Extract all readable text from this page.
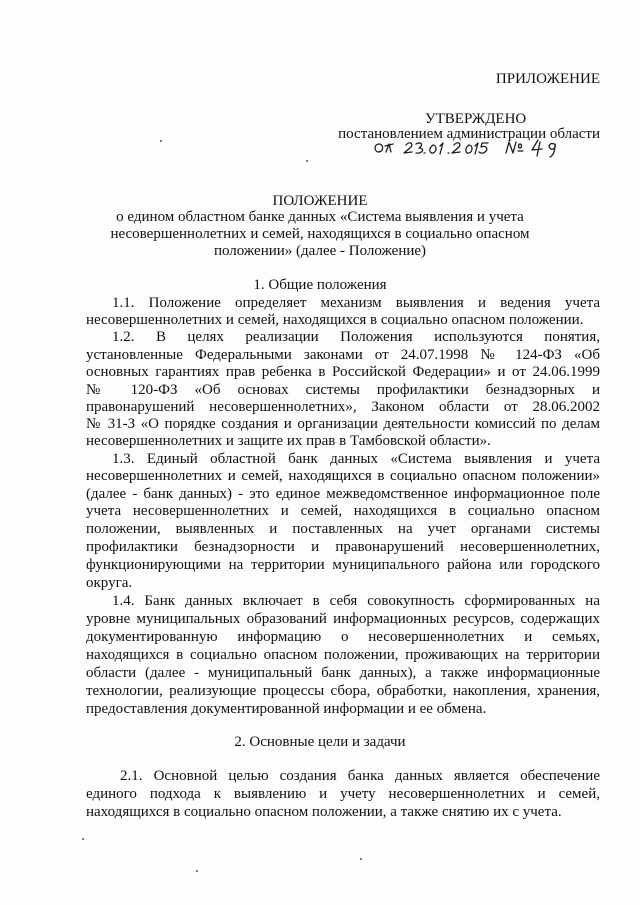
ПРИЛОЖЕНИЕ
УТВЕРЖДЕНО
постановлением администрации области
ПОЛОЖЕНИЕ
о едином областном банке данных «Система выявления и учета
несовершеннолетних и семей, находящихся в социально опасном
положении» (далее - Положение)
1. Общие положения
1.1. Положение определяет механизм выявления и ведения учета
несовершеннолетних и семей, находящихся в социально опасном положении.
1.2. В целях реализации Положения используются понятия,
установленные Федеральными законами от 24.07.1998 № 124-ФЗ «Об
основных гарантиях прав ребенка в Российской Федерации» и от 24.06.1999
№ 120-ФЗ «Об основах системы профилактики безнадзорных и
правонарушений несовершеннолетних», Законом области от 28.06.2002
№ 31-З «О порядке создания и организации деятельности комиссий по делам
несовершеннолетних и защите их прав в Тамбовской области».
1.3. Единый областной банк данных «Система выявления и учета
несовершеннолетних и семей, находящихся в социально опасном положении»
(далее - банк данных) - это единое межведомственное информационное поле
учета несовершеннолетних и семей, находящихся в социально опасном
положении, выявленных и поставленных на учет органами системы
профилактики безнадзорности и правонарушений несовершеннолетних,
функционирующими на территории муниципального района или городского
округа.
1.4. Банк данных включает в себя совокупность сформированных на
уровне муниципальных образований информационных ресурсов, содержащих
документированную информацию о несовершеннолетних и семьях,
находящихся в социально опасном положении, проживающих на территории
области (далее - муниципальный банк данных), а также информационные
технологии, реализующие процессы сбора, обработки, накопления, хранения,
предоставления документированной информации и ее обмена.
2. Основные цели и задачи
2.1. Основной целью создания банка данных является обеспечение
единого подхода к выявлению и учету несовершеннолетних и семей,
находящихся в социально опасном положении, а также снятию их с учета.
